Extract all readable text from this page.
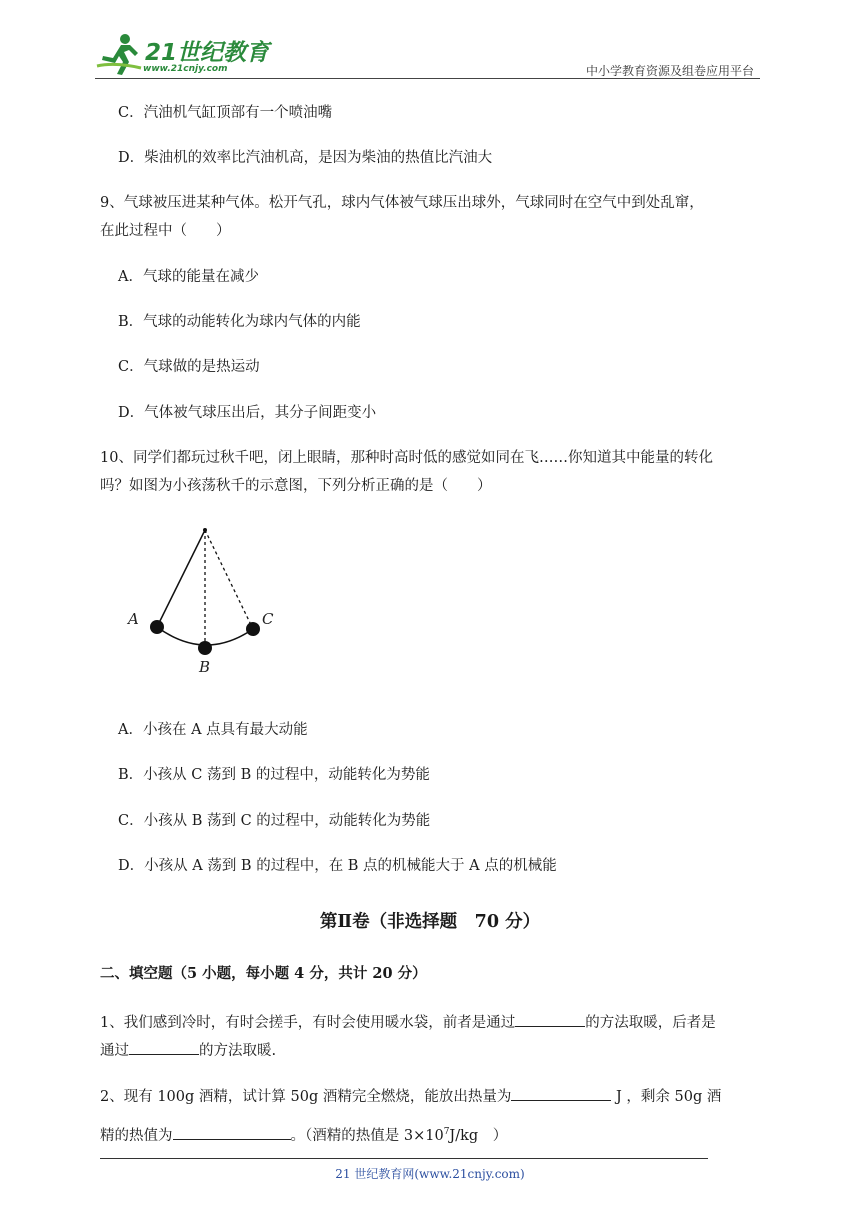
21世纪教育
www.21cnjy.com	中小学教育资源及组卷应用平台
C．汽油机气缸顶部有一个喷油嘴
D．柴油机的效率比汽油机高，是因为柴油的热值比汽油大
9、气球被压进某种气体。松开气孔，球内气体被气球压出球外，气球同时在空气中到处乱窜，
在此过程中（　　）
A．气球的能量在减少
B．气球的动能转化为球内气体的内能
C．气球做的是热运动
D．气体被气球压出后，其分子间距变小
10、同学们都玩过秋千吧，闭上眼睛，那种时高时低的感觉如同在飞……你知道其中能量的转化
吗？如图为小孩荡秋千的示意图，下列分析正确的是（　　）
A
B
C
A．小孩在 A 点具有最大动能
B．小孩从 C 荡到 B 的过程中，动能转化为势能
C．小孩从 B 荡到 C 的过程中，动能转化为势能
D．小孩从 A 荡到 B 的过程中，在 B 点的机械能大于 A 点的机械能
第Ⅱ卷（非选择题　70 分）
二、填空题（5 小题，每小题 4 分，共计 20 分）
1、我们感到冷时，有时会搓手，有时会使用暖水袋，前者是通过	的方法取暖，后者是
通过	的方法取暖.
2、现有 100g 酒精，试计算 50g 酒精完全燃烧，能放出热量为	J ，剩余 50g 酒
精的热值为	。（酒精的热值是 $3\times 10^7J/kg$　）
21 世纪教育网(www.21cnjy.com)
